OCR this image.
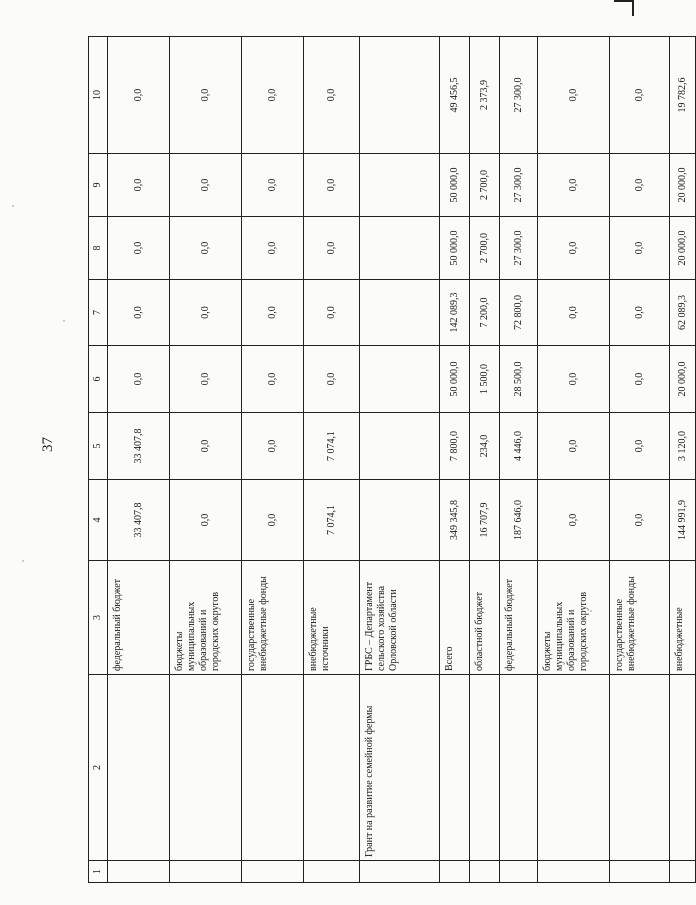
37
1	2	3	4	5	6	7	8	9	10
		федеральный бюджет	33 407,8	33 407,8	0,0	0,0	0,0	0,0	0,0
		бюджеты муниципальных образований и городских округов	0,0	0,0	0,0	0,0	0,0	0,0	0,0
		государственные внебюджетные фонды	0,0	0,0	0,0	0,0	0,0	0,0	0,0
		внебюджетные источники	7 074,1	7 074,1	0,0	0,0	0,0	0,0	0,0
	Грант на развитие семейной фермы	ГРБС – Департамент сельского хозяйства Орловской области							
		Всего	349 345,8	7 800,0	50 000,0	142 089,3	50 000,0	50 000,0	49 456,5
		областной бюджет	16 707,9	234,0	1 500,0	7 200,0	2 700,0	2 700,0	2 373,9
		федеральный бюджет	187 646,0	4 446,0	28 500,0	72 800,0	27 300,0	27 300,0	27 300,0
		бюджеты муниципальных образований и городских округов	0,0	0,0	0,0	0,0	0,0	0,0	0,0
		государственные внебюджетные фонды	0,0	0,0	0,0	0,0	0,0	0,0	0,0
		внебюджетные	144 991,9	3 120,0	20 000,0	62 089,3	20 000,0	20 000,0	19 782,6
